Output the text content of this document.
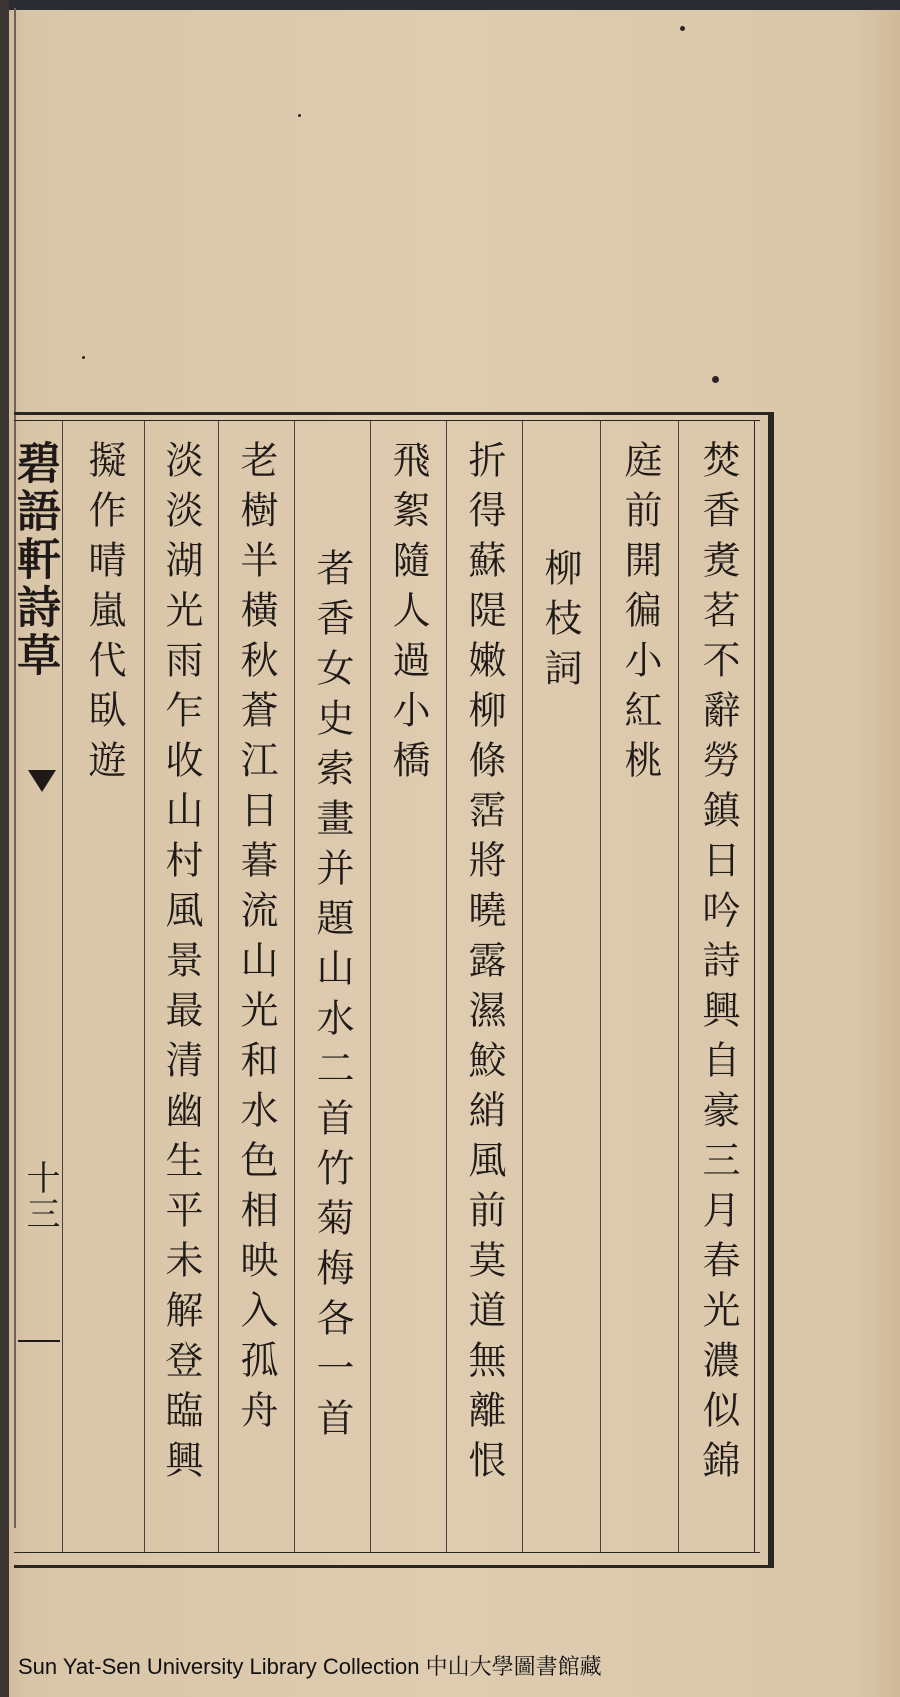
焚香煑茗不辭勞鎮日吟詩興自豪三月春光濃似錦
庭前開徧小紅桃
柳枝詞
折得蘇隄嫩柳條霑將曉露濕鮫綃風前莫道無離恨
飛絮隨人過小橋
者香女史索畫并題山水二首竹菊梅各一首
老樹半橫秋蒼江日暮流山光和水色相映入孤舟
淡淡湖光雨乍收山村風景最清幽生平未解登臨興
擬作晴嵐代臥遊
碧語軒詩草
十三
Sun Yat-Sen University Library Collection 中山大學圖書館藏
